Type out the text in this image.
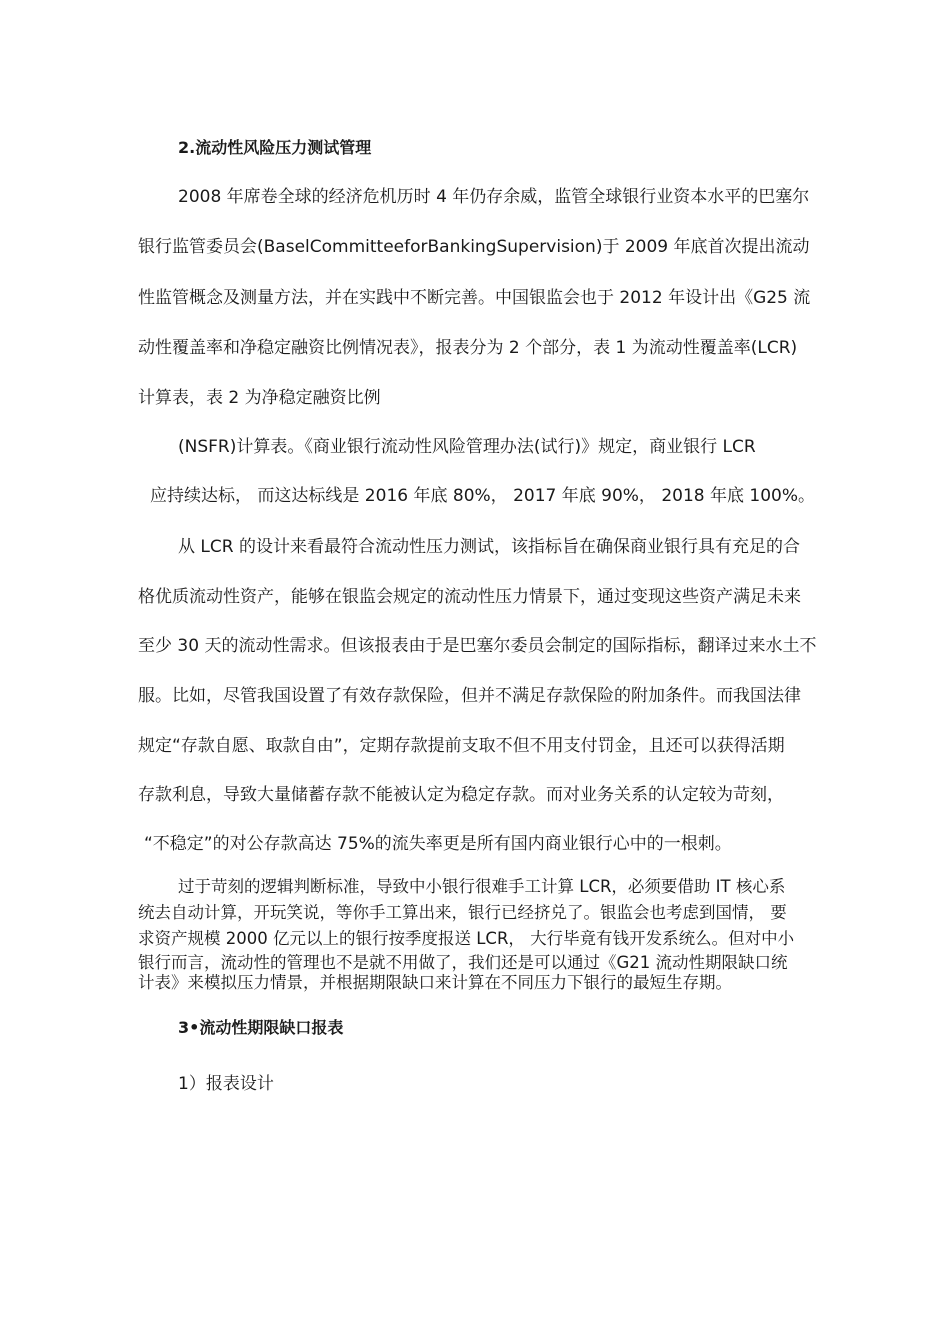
2.流动性风险压力测试管理
2008 年席卷全球的经济危机历时 4 年仍存余威，监管全球银行业资本水平的巴塞尔
银行监管委员会(BaselCommitteeforBankingSupervision)于 2009 年底首次提出流动
性监管概念及测量方法，并在实践中不断完善。中国银监会也于 2012 年设计出《G25 流
动性覆盖率和净稳定融资比例情况表》，报表分为 2 个部分，表 1 为流动性覆盖率(LCR)
计算表，表 2 为净稳定融资比例
(NSFR)计算表。《商业银行流动性风险管理办法(试行)》规定，商业银行 LCR
应持续达标， 而这达标线是 2016 年底 80%， 2017 年底 90%， 2018 年底 100%。
从 LCR 的设计来看最符合流动性压力测试，该指标旨在确保商业银行具有充足的合
格优质流动性资产，能够在银监会规定的流动性压力情景下，通过变现这些资产满足未来
至少 30 天的流动性需求。但该报表由于是巴塞尔委员会制定的国际指标，翻译过来水土不
服。比如，尽管我国设置了有效存款保险，但并不满足存款保险的附加条件。而我国法律
规定“存款自愿、取款自由”，定期存款提前支取不但不用支付罚金，且还可以获得活期
存款利息，导致大量储蓄存款不能被认定为稳定存款。而对业务关系的认定较为苛刻，
“不稳定”的对公存款高达 75%的流失率更是所有国内商业银行心中的一根刺。
过于苛刻的逻辑判断标准，导致中小银行很难手工计算 LCR，必须要借助 IT 核心系
统去自动计算，开玩笑说，等你手工算出来，银行已经挤兑了。银监会也考虑到国情， 要
求资产规模 2000 亿元以上的银行按季度报送 LCR， 大行毕竟有钱开发系统么。但对中小
银行而言，流动性的管理也不是就不用做了，我们还是可以通过《G21 流动性期限缺口统
计表》来模拟压力情景，并根据期限缺口来计算在不同压力下银行的最短生存期。
3•流动性期限缺口报表
1）报表设计
